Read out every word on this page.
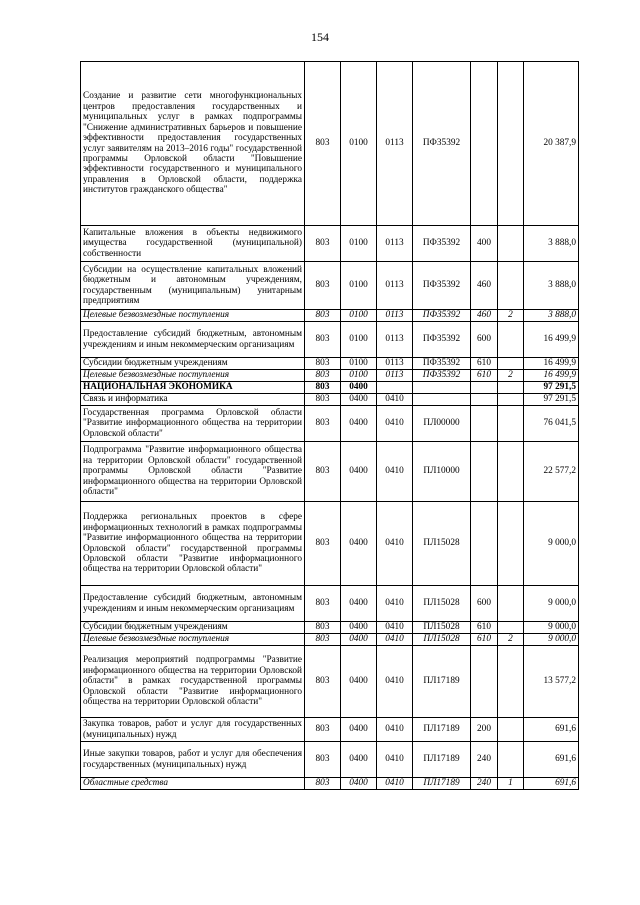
154
Создание и развитие сети многофункциональных центров предоставления государственных и муниципальных услуг в рамках подпрограммы "Снижение административных барьеров и повышение эффективности предоставления государственных услуг заявителям на 2013–2016 годы" государственной программы Орловской области "Повышение эффективности государственного и муниципального управления в Орловской области, поддержка институтов гражданского общества"	803	0100	0113	ПФ35392			20 387,9
Капитальные вложения в объекты недвижимого имущества государственной (муниципальной) собственности	803	0100	0113	ПФ35392	400		3 888,0
Субсидии на осуществление капитальных вложений бюджетным и автономным учреждениям, государственным (муниципальным) унитарным предприятиям	803	0100	0113	ПФ35392	460		3 888,0
Целевые безвозмездные поступления	803	0100	0113	ПФ35392	460	2	3 888,0
Предоставление субсидий бюджетным, автономным учреждениям и иным некоммерческим организациям	803	0100	0113	ПФ35392	600		16 499,9
Субсидии бюджетным учреждениям	803	0100	0113	ПФ35392	610		16 499,9
Целевые безвозмездные поступления	803	0100	0113	ПФ35392	610	2	16 499,9
НАЦИОНАЛЬНАЯ ЭКОНОМИКА	803	0400					97 291,5
Связь и информатика	803	0400	0410				97 291,5
Государственная программа Орловской области "Развитие информационного общества на территории Орловской области"	803	0400	0410	ПЛ00000			76 041,5
Подпрограмма "Развитие информационного общества на территории Орловской области" государственной программы Орловской области "Развитие информационного общества на территории Орловской области"	803	0400	0410	ПЛ10000			22 577,2
Поддержка региональных проектов в сфере информационных технологий в рамках подпрограммы "Развитие информационного общества на территории Орловской области" государственной программы Орловской области "Развитие информационного общества на территории Орловской области"	803	0400	0410	ПЛ15028			9 000,0
Предоставление субсидий бюджетным, автономным учреждениям и иным некоммерческим организациям	803	0400	0410	ПЛ15028	600		9 000,0
Субсидии бюджетным учреждениям	803	0400	0410	ПЛ15028	610		9 000,0
Целевые безвозмездные поступления	803	0400	0410	ПЛ15028	610	2	9 000,0
Реализация мероприятий подпрограммы "Развитие информационного общества на территории Орловской области" в рамках государственной программы Орловской области "Развитие информационного общества на территории Орловской области"	803	0400	0410	ПЛ17189			13 577,2
Закупка товаров, работ и услуг для государственных (муниципальных) нужд	803	0400	0410	ПЛ17189	200		691,6
Иные закупки товаров, работ и услуг для обеспечения государственных (муниципальных) нужд	803	0400	0410	ПЛ17189	240		691,6
Областные средства	803	0400	0410	ПЛ17189	240	1	691,6
